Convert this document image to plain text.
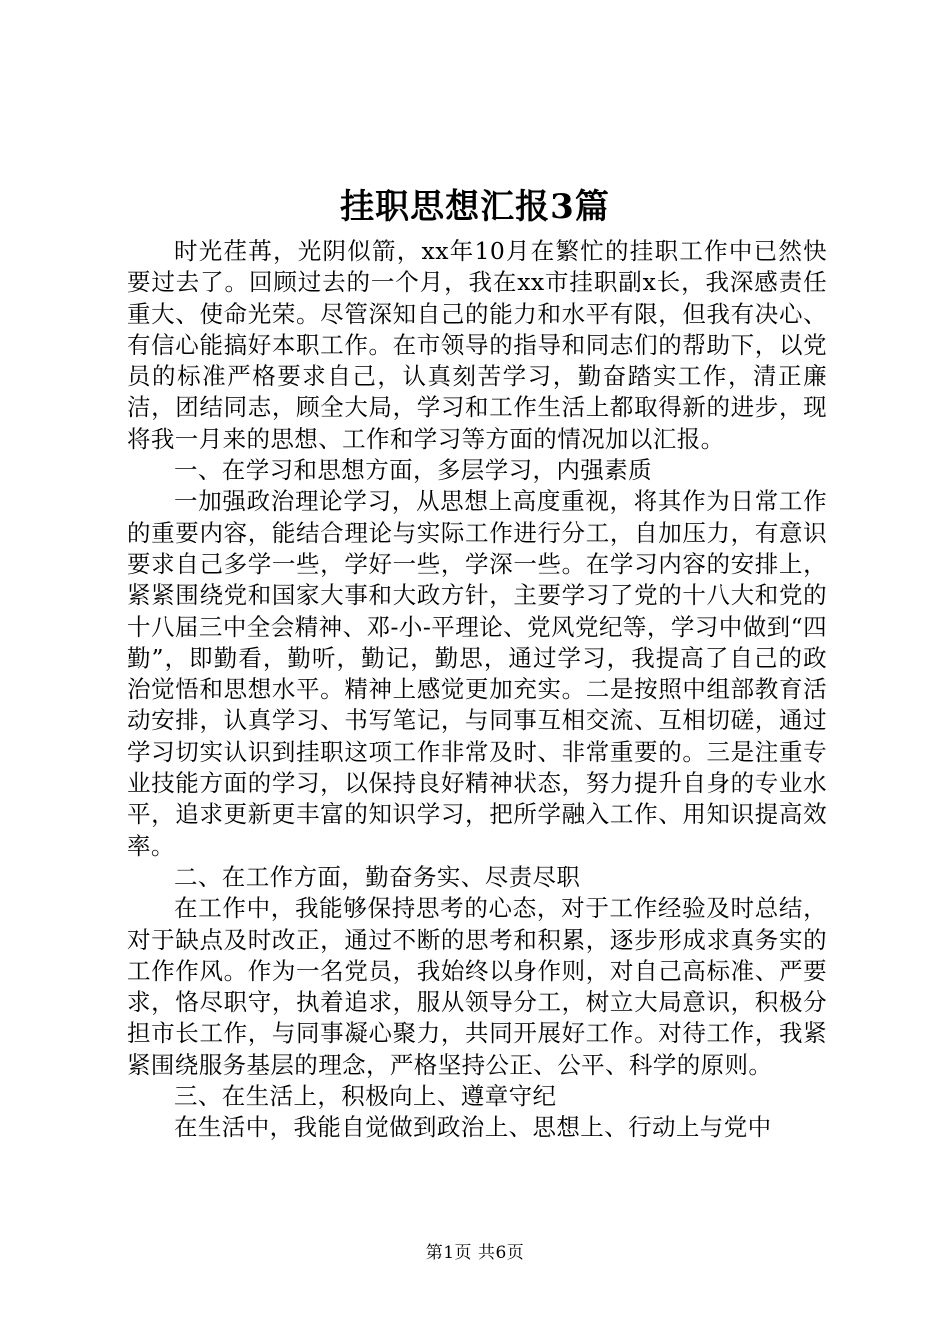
挂职思想汇报3篇

时光荏苒，光阴似箭，xx年10月在繁忙的挂职工作中已然快要过去了。回顾过去的一个月，我在xx市挂职副x长，我深感责任重大、使命光荣。尽管深知自己的能力和水平有限，但我有决心、有信心能搞好本职工作。在市领导的指导和同志们的帮助下，以党员的标准严格要求自己，认真刻苦学习，勤奋踏实工作，清正廉洁，团结同志，顾全大局，学习和工作生活上都取得新的进步，现将我一月来的思想、工作和学习等方面的情况加以汇报。

一、在学习和思想方面，多层学习，内强素质

一加强政治理论学习，从思想上高度重视，将其作为日常工作的重要内容，能结合理论与实际工作进行分工，自加压力，有意识要求自己多学一些，学好一些，学深一些。在学习内容的安排上，紧紧围绕党和国家大事和大政方针，主要学习了党的十八大和党的十八届三中全会精神、邓-小-平理论、党风党纪等，学习中做到“四勤”，即勤看，勤听，勤记，勤思，通过学习，我提高了自己的政治觉悟和思想水平。精神上感觉更加充实。二是按照中组部教育活动安排，认真学习、书写笔记，与同事互相交流、互相切磋，通过学习切实认识到挂职这项工作非常及时、非常重要的。三是注重专业技能方面的学习，以保持良好精神状态，努力提升自身的专业水平，追求更新更丰富的知识学习，把所学融入工作、用知识提高效率。

二、在工作方面，勤奋务实、尽责尽职

在工作中，我能够保持思考的心态，对于工作经验及时总结，对于缺点及时改正，通过不断的思考和积累，逐步形成求真务实的工作作风。作为一名党员，我始终以身作则，对自己高标准、严要求，恪尽职守，执着追求，服从领导分工，树立大局意识，积极分担市长工作，与同事凝心聚力，共同开展好工作。对待工作，我紧紧围绕服务基层的理念，严格坚持公正、公平、科学的原则。

三、在生活上，积极向上、遵章守纪

在生活中，我能自觉做到政治上、思想上、行动上与党中

第1页 共6页
